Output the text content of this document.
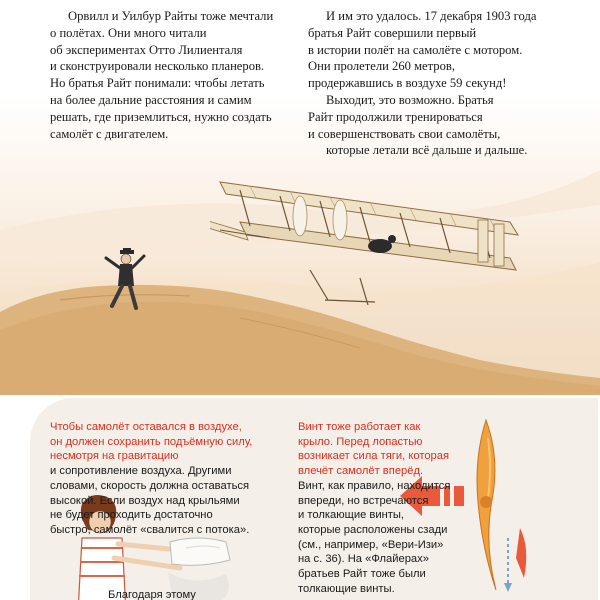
Орвилл и Уилбур Райты тоже мечтали

о полётах. Они много читали

об экспериментах Отто Лилиенталя

и сконструировали несколько планеров.

Но братья Райт понимали: чтобы летать

на более дальние расстояния и самим

решать, где приземлиться, нужно создать

самолёт с двигателем.

И им это удалось. 17 декабря 1903 года

братья Райт совершили первый

в истории полёт на самолёте с мотором.

Они пролетели 260 метров,

продержавшись в воздухе 59 секунд!

Выходит, это возможно. Братья

Райт продолжили тренироваться

и совершенствовать свои самолёты,

которые летали всё дальше и дальше.

Чтобы самолёт оставался в воздухе,

он должен сохранить подъёмную силу,

несмотря на гравитацию

и сопротивление воздуха. Другими

словами, скорость должна оставаться

высокой. Если воздух над крыльями

не будет проходить достаточно

быстро, самолёт «свалится с потока».

Винт тоже работает как

крыло. Перед лопастью

возникает сила тяги, которая

влечёт самолёт вперёд.

Винт, как правило, находится

впереди, но встречаются

и толкающие винты,

которые расположены сзади

(см., например, «Вери-Изи»

на с. 36). На «Флайерах»

братьев Райт тоже были

толкающие винты.

Благодаря этому
